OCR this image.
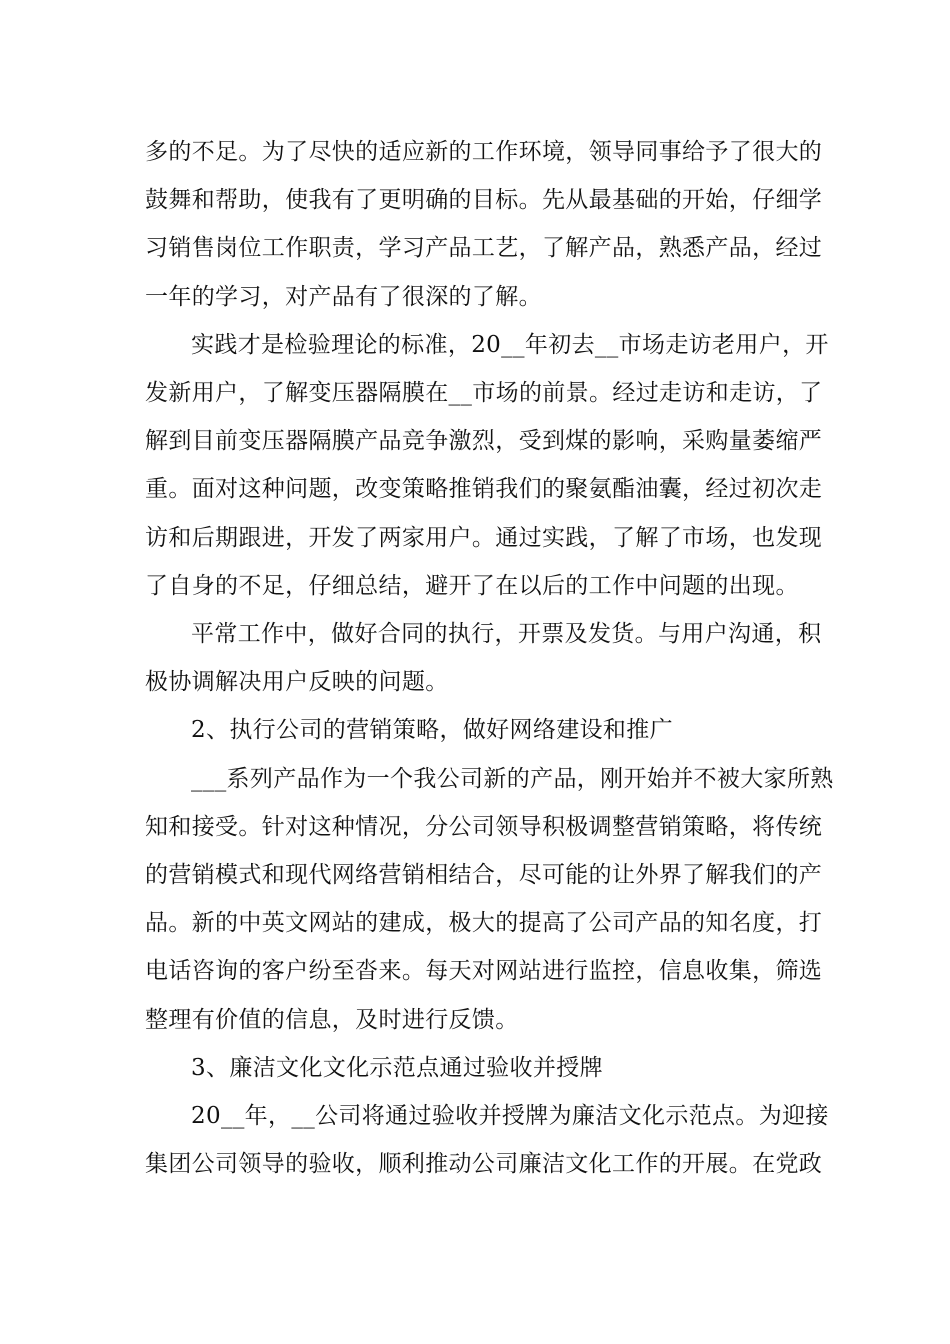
多的不足。为了尽快的适应新的工作环境，领导同事给予了很大的
鼓舞和帮助，使我有了更明确的目标。先从最基础的开始，仔细学
习销售岗位工作职责，学习产品工艺，了解产品，熟悉产品，经过
一年的学习，对产品有了很深的了解。

实践才是检验理论的标准，20__年初去__市场走访老用户，开
发新用户，了解变压器隔膜在__市场的前景。经过走访和走访，了
解到目前变压器隔膜产品竞争激烈，受到煤的影响，采购量萎缩严
重。面对这种问题，改变策略推销我们的聚氨酯油囊，经过初次走
访和后期跟进，开发了两家用户。通过实践，了解了市场，也发现
了自身的不足，仔细总结，避开了在以后的工作中问题的出现。

平常工作中，做好合同的执行，开票及发货。与用户沟通，积
极协调解决用户反映的问题。

2、执行公司的营销策略，做好网络建设和推广

___系列产品作为一个我公司新的产品，刚开始并不被大家所熟
知和接受。针对这种情况，分公司领导积极调整营销策略，将传统
的营销模式和现代网络营销相结合，尽可能的让外界了解我们的产
品。新的中英文网站的建成，极大的提高了公司产品的知名度，打
电话咨询的客户纷至沓来。每天对网站进行监控，信息收集，筛选
整理有价值的信息，及时进行反馈。

3、廉洁文化文化示范点通过验收并授牌

20__年，__公司将通过验收并授牌为廉洁文化示范点。为迎接
集团公司领导的验收，顺利推动公司廉洁文化工作的开展。在党政
